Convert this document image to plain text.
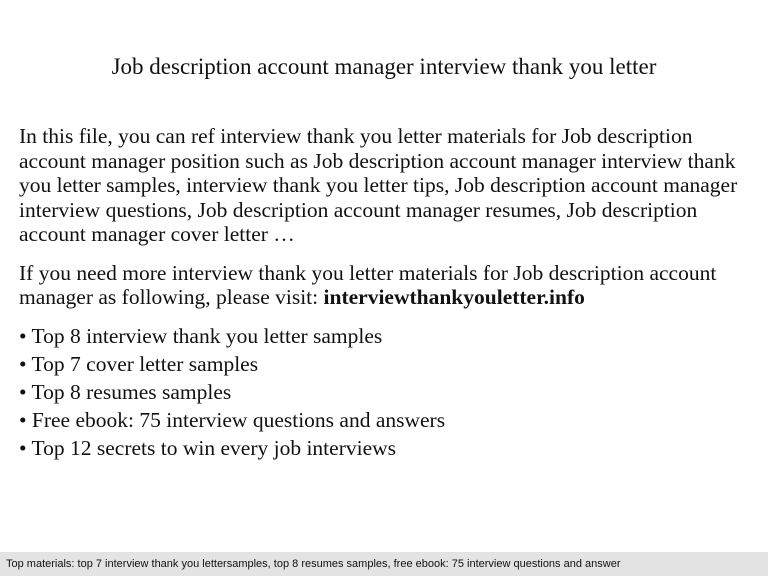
Job description account manager interview thank you letter

In this file, you can ref interview thank you letter materials for Job description account manager position such as Job description account manager interview thank you letter samples, interview thank you letter tips, Job description account manager interview questions, Job description account manager resumes, Job description account manager cover letter …

If you need more interview thank you letter materials for Job description account manager as following, please visit: interviewthankyouletter.info

• Top 8 interview thank you letter samples
• Top 7 cover letter samples
• Top 8 resumes samples
• Free ebook: 75 interview questions and answers
• Top 12 secrets to win every job interviews
Top materials: top 7 interview thank you lettersamples, top 8 resumes samples, free ebook: 75 interview questions and answer
